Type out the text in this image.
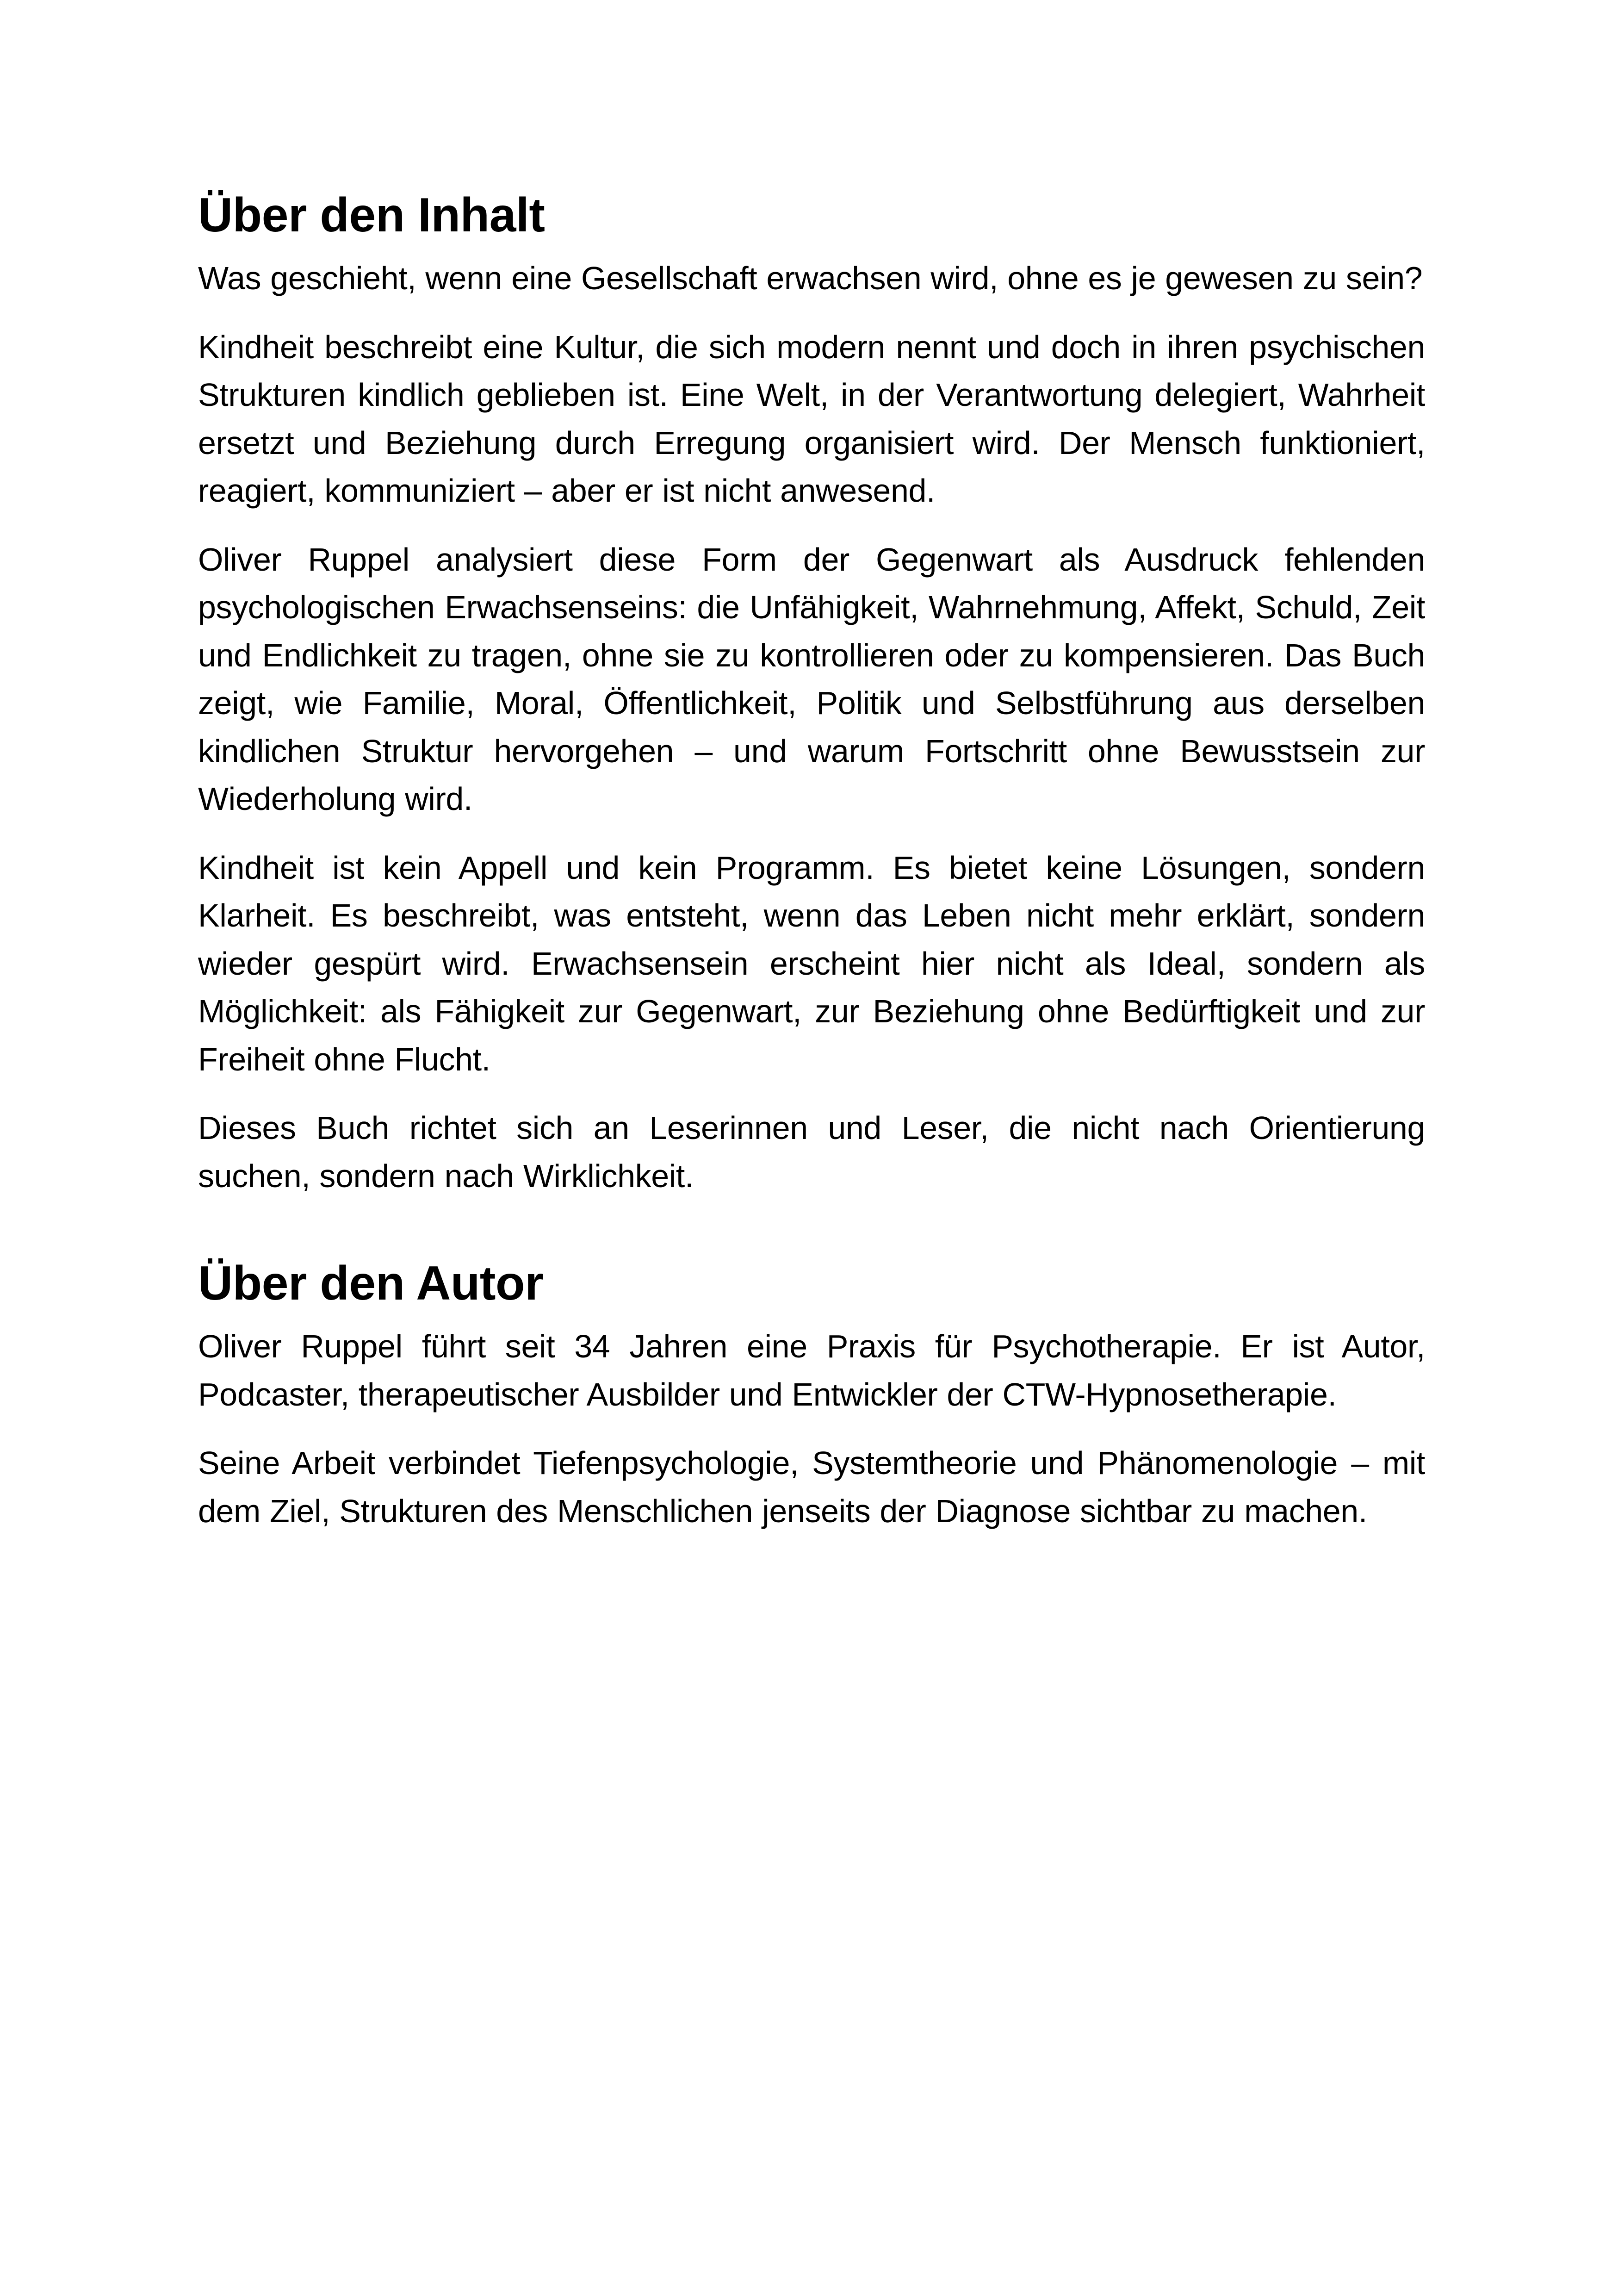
Über den Inhalt

Was geschieht, wenn eine Gesellschaft erwachsen wird, ohne es je gewesen zu sein?

Kindheit beschreibt eine Kultur, die sich modern nennt und doch in ihren psychischen Strukturen kindlich geblieben ist. Eine Welt, in der Verantwortung delegiert, Wahrheit ersetzt und Beziehung durch Erregung organisiert wird. Der Mensch funktioniert, reagiert, kommuniziert – aber er ist nicht anwesend.

Oliver Ruppel analysiert diese Form der Gegenwart als Ausdruck fehlenden psychologischen Erwachsenseins: die Unfähigkeit, Wahrnehmung, Affekt, Schuld, Zeit und Endlichkeit zu tragen, ohne sie zu kontrollieren oder zu kompensieren. Das Buch zeigt, wie Familie, Moral, Öffentlichkeit, Politik und Selbstführung aus derselben kindlichen Struktur hervorgehen – und warum Fortschritt ohne Bewusstsein zur Wiederholung wird.

Kindheit ist kein Appell und kein Programm. Es bietet keine Lösungen, sondern Klarheit. Es beschreibt, was entsteht, wenn das Leben nicht mehr erklärt, sondern wieder gespürt wird. Erwachsensein erscheint hier nicht als Ideal, sondern als Möglichkeit: als Fähigkeit zur Gegenwart, zur Beziehung ohne Bedürftigkeit und zur Freiheit ohne Flucht.

Dieses Buch richtet sich an Leserinnen und Leser, die nicht nach Orientierung suchen, sondern nach Wirklichkeit.

Über den Autor

Oliver Ruppel führt seit 34 Jahren eine Praxis für Psychotherapie. Er ist Autor, Podcaster, therapeutischer Ausbilder und Entwickler der CTW-Hypnosetherapie.

Seine Arbeit verbindet Tiefenpsychologie, Systemtheorie und Phänomenologie – mit dem Ziel, Strukturen des Menschlichen jenseits der Diagnose sichtbar zu machen.
